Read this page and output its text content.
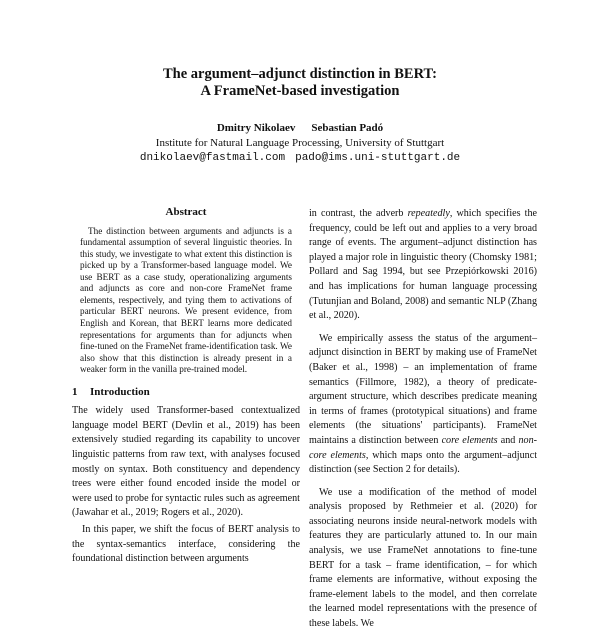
The argument–adjunct distinction in BERT:
A FrameNet-based investigation
Dmitry Nikolaev Sebastian Padó
Institute for Natural Language Processing, University of Stuttgart
dnikolaev@fastmail.com pado@ims.uni-stuttgart.de
Abstract

The distinction between arguments and adjuncts is a fundamental assumption of several linguistic theories. In this study, we investigate to what extent this distinction is picked up by a Transformer-based language model. We use BERT as a case study, operationalizing arguments and adjuncts as core and non-core FrameNet frame elements, respectively, and tying them to activations of particular BERT neurons. We present evidence, from English and Korean, that BERT learns more dedicated representations for arguments than for adjuncts when fine-tuned on the FrameNet frame-identification task. We also show that this distinction is already present in a weaker form in the vanilla pre-trained model.

1 Introduction

The widely used Transformer-based contextualized language model BERT (Devlin et al., 2019) has been extensively studied regarding its capability to uncover linguistic patterns from raw text, with analyses focused mostly on syntax. Both constituency and dependency trees were either found encoded inside the model or were used to probe for syntactic rules such as agreement (Jawahar et al., 2019; Rogers et al., 2020).

In this paper, we shift the focus of BERT analysis to the syntax-semantics interface, considering the foundational distinction between arguments

in contrast, the adverb repeatedly, which specifies the frequency, could be left out and applies to a very broad range of events. The argument–adjunct distinction has played a major role in linguistic theory (Chomsky 1981; Pollard and Sag 1994, but see Przepiórkowski 2016) and has implications for human language processing (Tutunjian and Boland, 2008) and semantic NLP (Zhang et al., 2020).

We empirically assess the status of the argument–adjunct disinction in BERT by making use of FrameNet (Baker et al., 1998) – an implementation of frame semantics (Fillmore, 1982), a theory of predicate-argument structure, which describes predicate meaning in terms of frames (prototypical situations) and frame elements (the situations' participants). FrameNet maintains a distinction between core elements and non-core elements, which maps onto the argument–adjunct distinction (see Section 2 for details).

We use a modification of the method of model analysis proposed by Rethmeier et al. (2020) for associating neurons inside neural-network models with features they are particularly attuned to. In our main analysis, we use FrameNet annotations to fine-tune BERT for a task – frame identification, – for which frame elements are informative, without exposing the frame-element labels to the model, and then correlate the learned model representations with the presence of these labels. We
